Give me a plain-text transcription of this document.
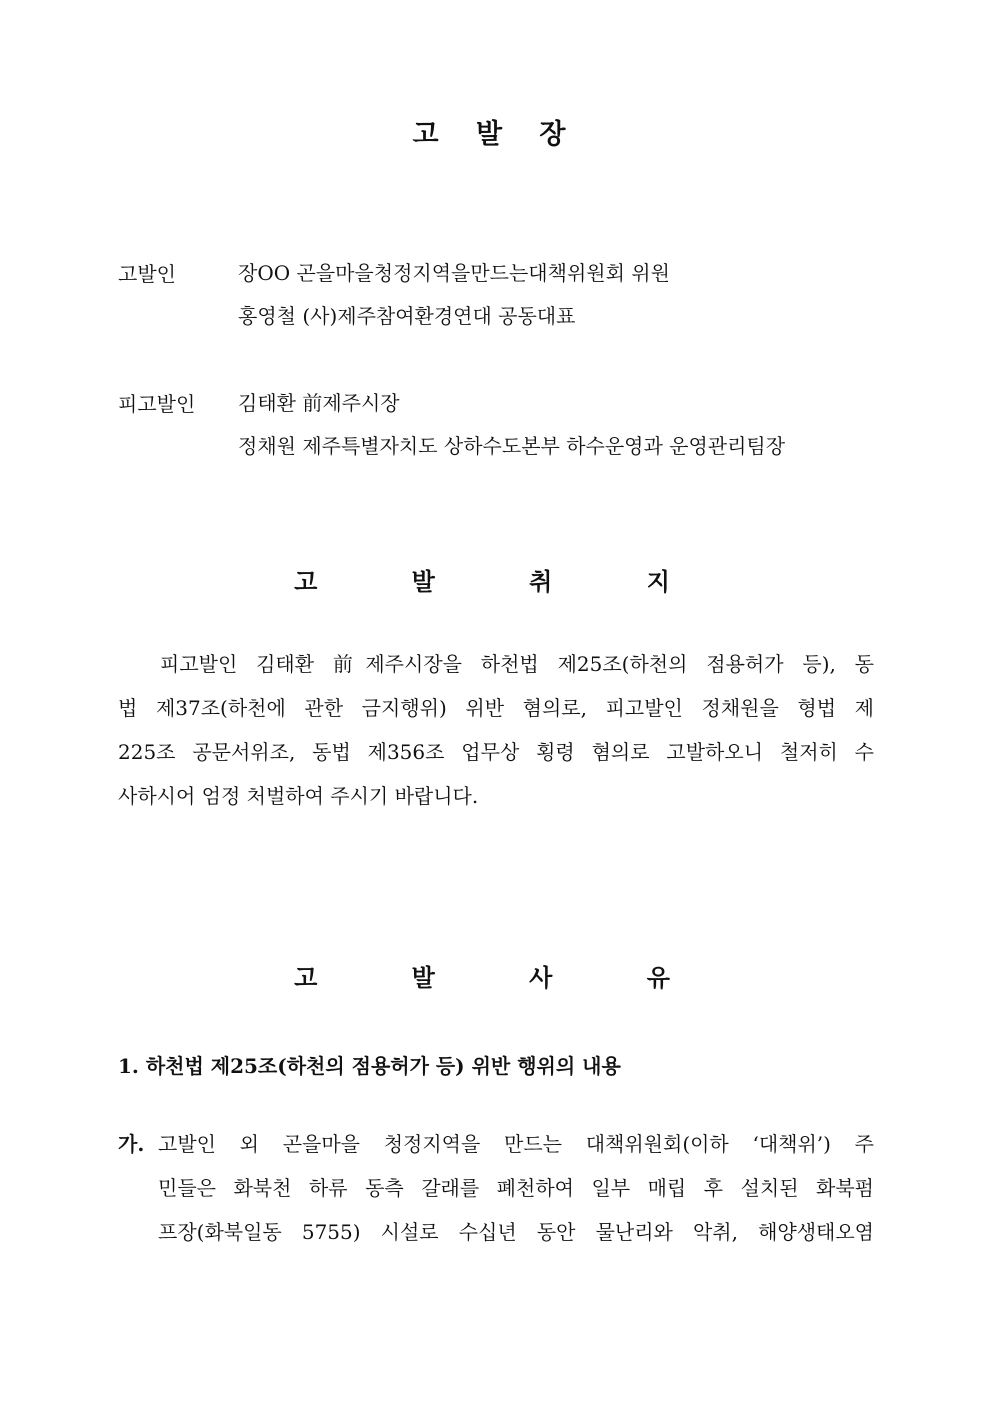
고 발 장
고발인	장OO 곤을마을청정지역을만드는대책위원회 위원
홍영철 (사)제주참여환경연대 공동대표
피고발인 김태환 前제주시장
정채원 제주특별자치도 상하수도본부 하수운영과 운영관리팀장
고 발 취 지
피고발인 김태환 前제주시장을 하천법 제25조(하천의 점용허가 등), 동
법 제37조(하천에 관한 금지행위) 위반 혐의로, 피고발인 정채원을 형법 제
225조 공문서위조, 동법 제356조 업무상 횡령 혐의로 고발하오니 철저히 수
사하시어 엄정 처벌하여 주시기 바랍니다.
고 발 사 유
1. 하천법 제25조(하천의 점용허가 등) 위반 행위의 내용
가. 고발인 외 곤을마을 청정지역을 만드는 대책위원회(이하 ‘대책위’) 주
민들은 화북천 하류 동측 갈래를 폐천하여 일부 매립 후 설치된 화북펌
프장(화북일동 5755) 시설로 수십년 동안 물난리와 악취, 해양생태오염
